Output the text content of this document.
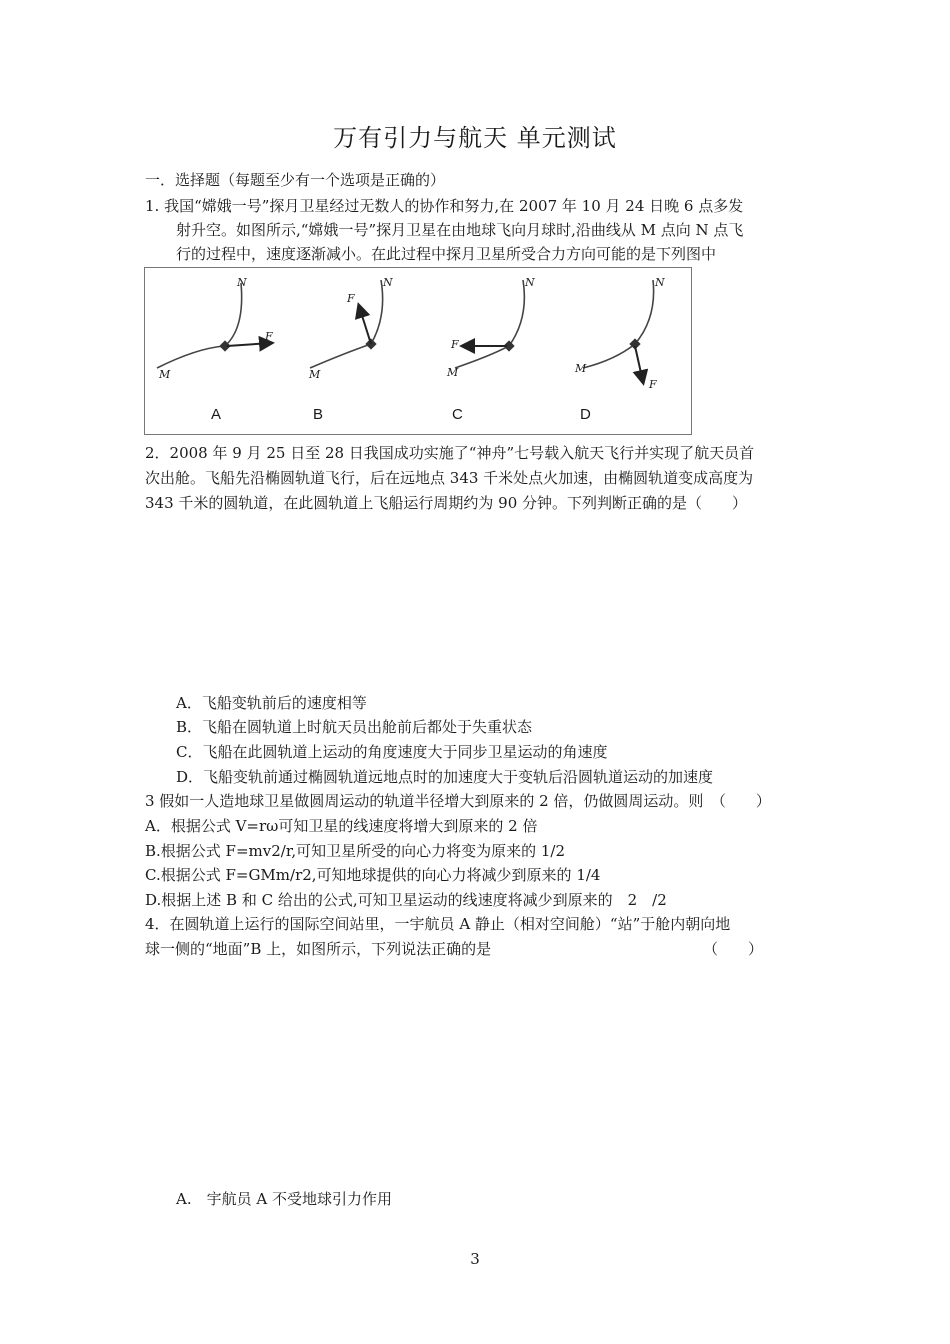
万有引力与航天 单元测试
一．选择题（每题至少有一个选项是正确的）
1. 我国“嫦娥一号”探月卫星经过无数人的协作和努力,在 2007 年 10 月 24 日晚 6 点多发
射升空。如图所示,“嫦娥一号”探月卫星在由地球飞向月球时,沿曲线从 M 点向 N 点飞
行的过程中，速度逐渐减小。在此过程中探月卫星所受合力方向可能的是下列图中
N
M
F
N
M
F
N
M
F
N
M
F
A	B	C	D
2．2008 年 9 月 25 日至 28 日我国成功实施了“神舟”七号载入航天飞行并实现了航天员首
次出舱。飞船先沿椭圆轨道飞行，后在远地点 343 千米处点火加速，由椭圆轨道变成高度为
343 千米的圆轨道，在此圆轨道上飞船运行周期约为 90 分钟。下列判断正确的是（　　）
A．飞船变轨前后的速度相等
B．飞船在圆轨道上时航天员出舱前后都处于失重状态
C．飞船在此圆轨道上运动的角度速度大于同步卫星运动的角速度
D．飞船变轨前通过椭圆轨道远地点时的加速度大于变轨后沿圆轨道运动的加速度
3 假如一人造地球卫星做圆周运动的轨道半径增大到原来的 2 倍，仍做圆周运动。则　（　　）
A．根据公式 V=rω可知卫星的线速度将增大到原来的 2 倍
B.根据公式 F=mv2/r,可知卫星所受的向心力将变为原来的 1/2
C.根据公式 F=GMm/r2,可知地球提供的向心力将减少到原来的 1/4
D.根据上述 B 和 C 给出的公式,可知卫星运动的线速度将减少到原来的　2　/2
4．在圆轨道上运行的国际空间站里，一宇航员 A 静止（相对空间舱）“站”于舱内朝向地
球一侧的“地面”B 上，如图所示，下列说法正确的是	（　　）
A.　宇航员 A 不受地球引力作用
3
